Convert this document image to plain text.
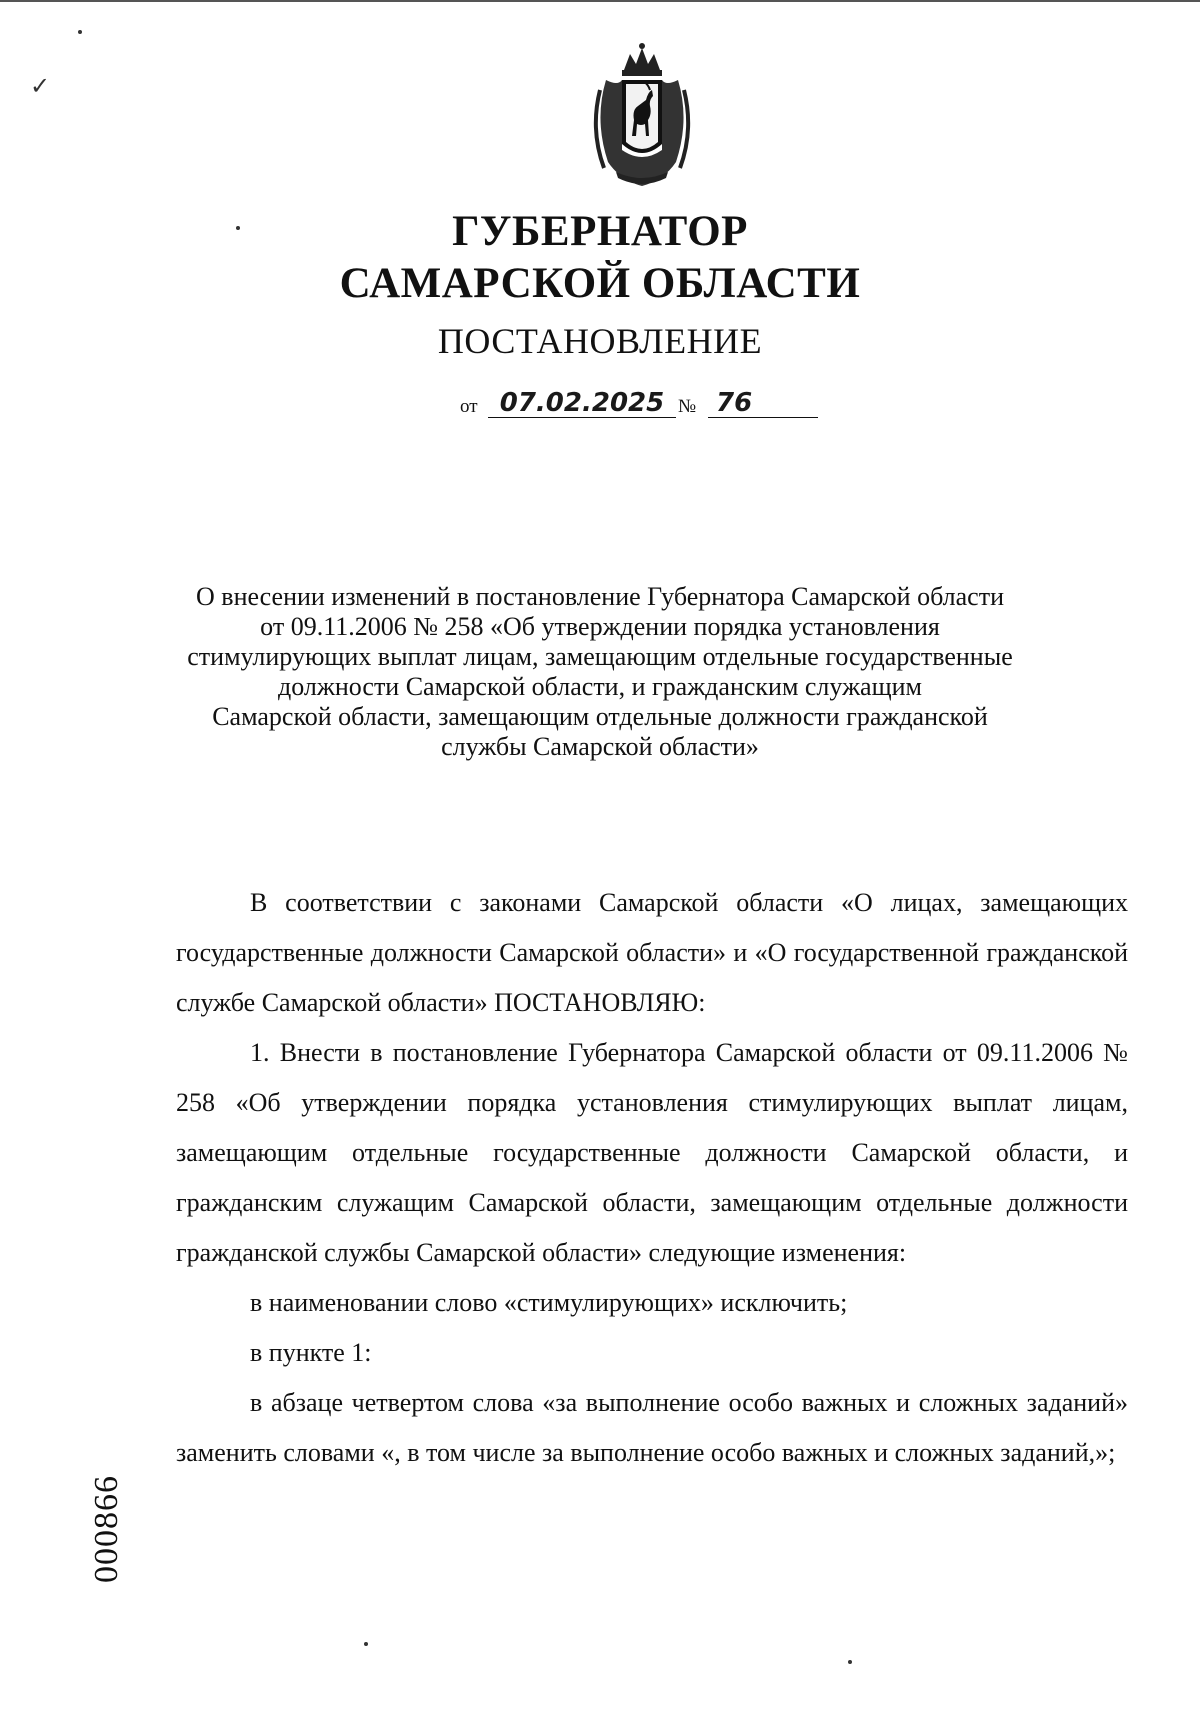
✓
ГУБЕРНАТОР
САМАРСКОЙ ОБЛАСТИ
ПОСТАНОВЛЕНИЕ
от 07.02.2025 № 76
О внесении изменений в постановление Губернатора Самарской области
от 09.11.2006 № 258 «Об утверждении порядка установления
стимулирующих выплат лицам, замещающим отдельные государственные
должности Самарской области, и гражданским служащим
Самарской области, замещающим отдельные должности гражданской
службы Самарской области»

В соответствии с законами Самарской области «О лицах, замещающих государственные должности Самарской области» и «О государственной гражданской службе Самарской области» ПОСТАНОВЛЯЮ:

1. Внести в постановление Губернатора Самарской области от 09.11.2006 № 258 «Об утверждении порядка установления стимулирующих выплат лицам, замещающим отдельные государственные должности Самарской области, и гражданским служащим Самарской области, замещающим отдельные должности гражданской службы Самарской области» следующие изменения:

в наименовании слово «стимулирующих» исключить;

в пункте 1:

в абзаце четвертом слова «за выполнение особо важных и сложных заданий» заменить словами «, в том числе за выполнение особо важных и сложных заданий,»;

000866
